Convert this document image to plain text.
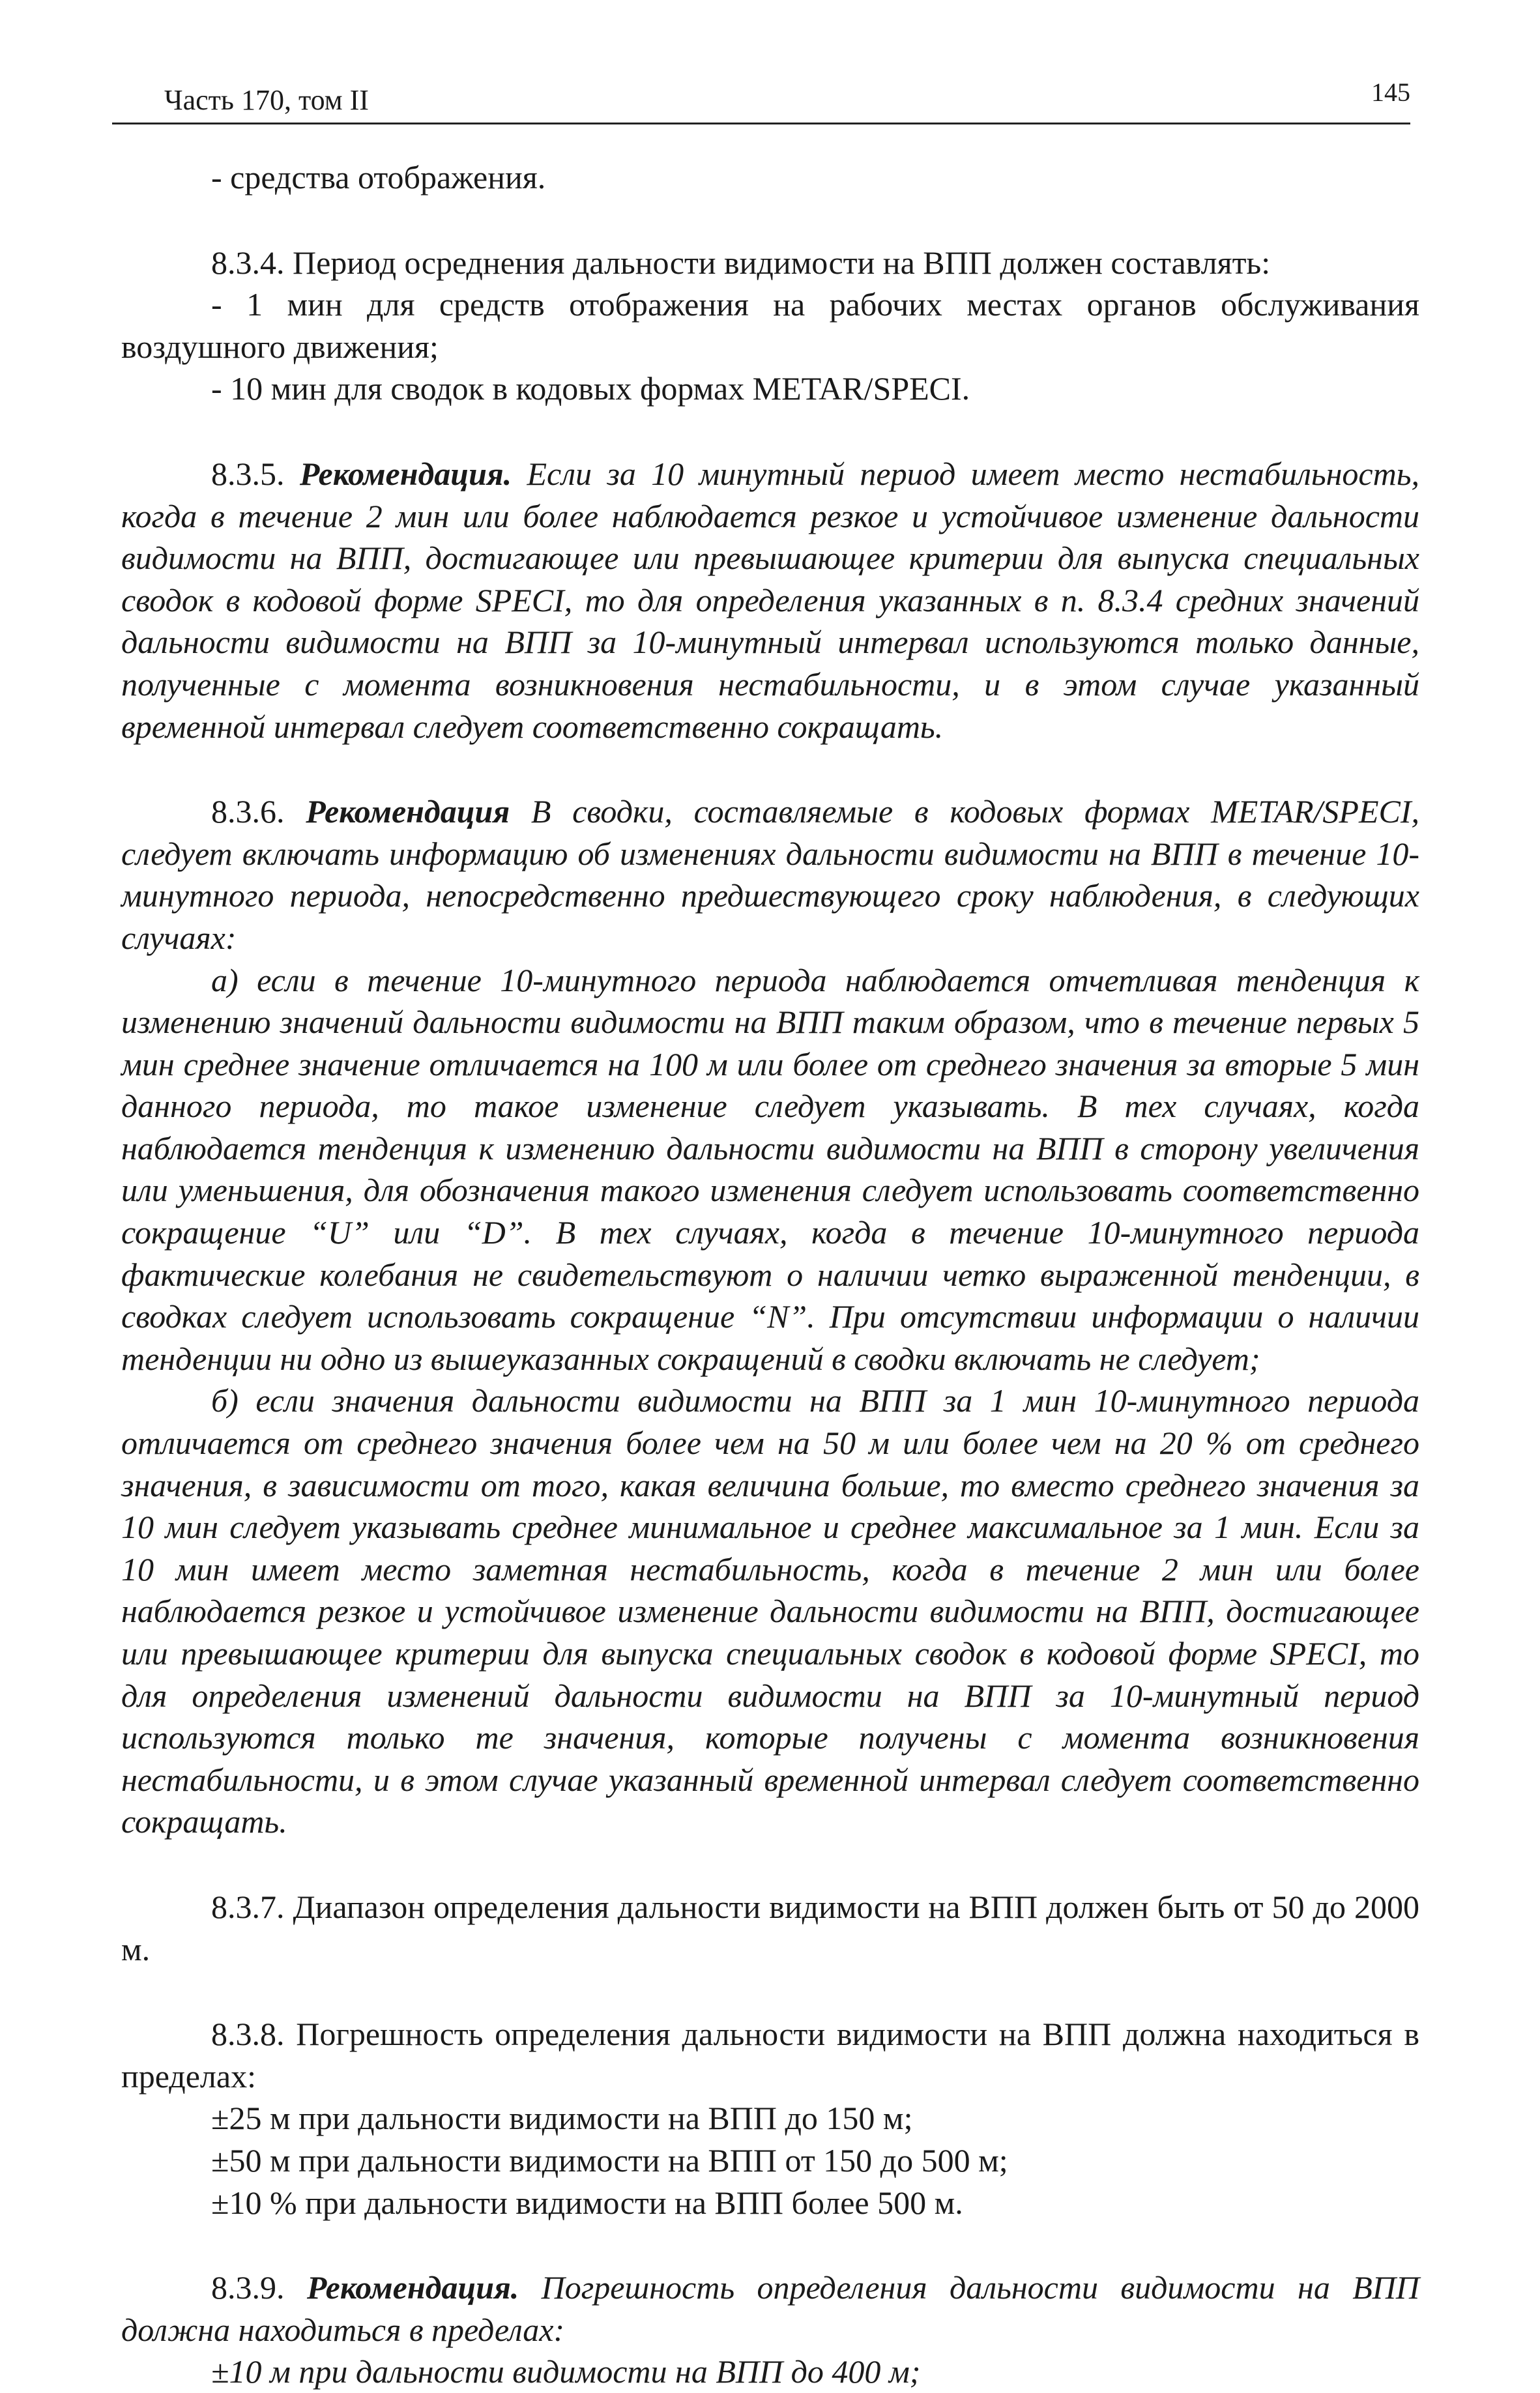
Часть 170, том II	145

- средства отображения.

8.3.4. Период осреднения дальности видимости на ВПП должен составлять:

- 1 мин для средств отображения на рабочих местах органов обслуживания воздушного движения;

- 10 мин для сводок в кодовых формах METAR/SPECI.

8.3.5. Рекомендация. Если за 10 минутный период имеет место нестабильность, когда в течение 2 мин или более наблюдается резкое и устойчивое изменение дальности видимости на ВПП, достигающее или превышающее критерии для выпуска специальных сводок в кодовой форме SPECI, то для определения указанных в п. 8.3.4 средних значений дальности видимости на ВПП за 10-минутный интервал используются только данные, полученные с момента возникновения нестабильности, и в этом случае указанный временной интервал следует соответственно сокращать.

8.3.6. Рекомендация В сводки, составляемые в кодовых формах METAR/SPECI, следует включать информацию об изменениях дальности видимости на ВПП в течение 10-минутного периода, непосредственно предшествующего сроку наблюдения, в следующих случаях:

а) если в течение 10-минутного периода наблюдается отчетливая тенденция к изменению значений дальности видимости на ВПП таким образом, что в течение первых 5 мин среднее значение отличается на 100 м или более от среднего значения за вторые 5 мин данного периода, то такое изменение следует указывать. В тех случаях, когда наблюдается тенденция к изменению дальности видимости на ВПП в сторону увеличения или уменьшения, для обозначения такого изменения следует использовать соответственно сокращение “U” или “D”. В тех случаях, когда в течение 10-минутного периода фактические колебания не свидетельствуют о наличии четко выраженной тенденции, в сводках следует использовать сокращение “N”. При отсутствии информации о наличии тенденции ни одно из вышеуказанных сокращений в сводки включать не следует;

б) если значения дальности видимости на ВПП за 1 мин 10-минутного периода отличается от среднего значения более чем на 50 м или более чем на 20 % от среднего значения, в зависимости от того, какая величина больше, то вместо среднего значения за 10 мин следует указывать среднее минимальное и среднее максимальное за 1 мин. Если за 10 мин имеет место заметная нестабильность, когда в течение 2 мин или более наблюдается резкое и устойчивое изменение дальности видимости на ВПП, достигающее или превышающее критерии для выпуска специальных сводок в кодовой форме SPECI, то для определения изменений дальности видимости на ВПП за 10-минутный период используются только те значения, которые получены с момента возникновения нестабильности, и в этом случае указанный временной интервал следует соответственно сокращать.

8.3.7. Диапазон определения дальности видимости на ВПП должен быть от 50 до 2000 м.

8.3.8. Погрешность определения дальности видимости на ВПП должна находиться в пределах:

±25 м при дальности видимости на ВПП до 150 м;

±50 м при дальности видимости на ВПП от 150 до 500 м;

±10 % при дальности видимости на ВПП более 500 м.

8.3.9. Рекомендация. Погрешность определения дальности видимости на ВПП должна находиться в пределах:

±10 м при дальности видимости на ВПП до 400 м;
